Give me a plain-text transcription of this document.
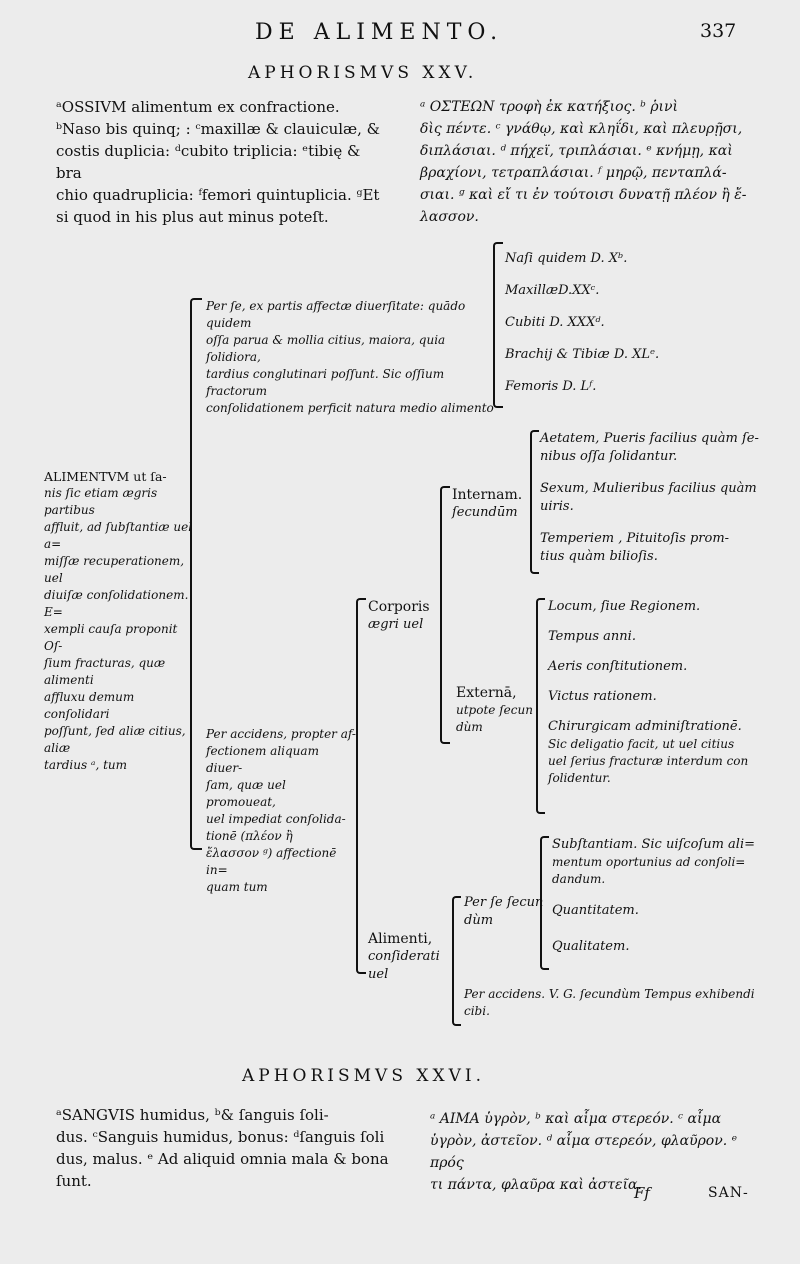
DE ALIMENTO.	337
APHORISMVS XXV.
ᵃOSSIVM alimentum ex confractione.
ᵇNaso bis quinq; : ᶜmaxillæ & clauiculæ, &
costis duplicia: ᵈcubito triplicia: ᵉtibię & bra
chio quadruplicia: ᶠfemori quintuplicia. ᵍEt
si quod in his plus aut minus poteſt.
ᵃ ΟΣΤΕΩΝ τροφὴ ἐκ κατήξιος. ᵇ ῥινὶ
δὶς πέντε. ᶜ γνάθῳ, καὶ κληΐδι, καὶ πλευρῇσι,
διπλάσιαι. ᵈ πήχεϊ, τριπλάσιαι. ᵉ κνήμῃ, καὶ
βραχίονι, τετραπλάσιαι. ᶠ μηρῷ, πενταπλά-
σιαι. ᵍ καὶ εἴ τι ἐν τούτοισι δυνατῇ πλέον ἢ ἔ-
λασσον.
ALIMENTVM ut ſa-
nis ſic etiam ægris partibus
affluit, ad ſubſtantiæ uel a=
miſſæ recuperationem, uel
diuiſæ conſolidationem. E=
xempli cauſa proponit Oſ-
ſium fracturas, quæ alimenti
affluxu demum conſolidari
poſſunt, ſed aliæ citius, aliæ
tardius ᵃ, tum
Per ſe, ex partis affectæ diuerſitate: quādo quidem
oſſa parua & mollia citius, maiora, quia ſolidiora,
tardius conglutinari poſſunt. Sic oſſium fractorum
conſolidationem perficit natura medio alimento
Naſi quidem D. Xᵇ.
MaxillæD.XXᶜ.
Cubiti D. XXXᵈ.
Brachij & Tibiæ D. XLᵉ.
Femoris D. Lᶠ.
Per accidens, propter af-
fectionem aliquam diuer-
ſam, quæ uel promoueat,
uel impediat conſolida-
tionē (πλέον ἢ
ἔλασσον ᵍ) affectionē in=
quam tum
Corporis
ægri uel
Internam.
ſecundūm
Aetatem, Pueris facilius quàm ſe-
nibus oſſa ſolidantur.
Sexum, Mulieribus facilius quàm
uiris.
Temperiem , Pituitoſis prom-
tius quàm bilioſis.
Externā,
utpote ſecun
dùm
Locum, ſiue Regionem.
Tempus anni.
Aeris conſtitutionem.
Victus rationem.
Chirurgicam adminiſtrationē.
Sic deligatio facit, ut uel citius
uel ſerius fracturæ interdum con
ſolidentur.
Alimenti,
conſiderati
uel
Per ſe ſecun
dùm
Subſtantiam. Sic uiſcoſum ali=
mentum oportunius ad conſoli=
dandum.
Quantitatem.
Qualitatem.
Per accidens. V. G. ſecundùm Tempus exhibendi
cibi.
APHORISMVS XXVI.
ᵃSANGVIS humidus, ᵇ& ſanguis ſoli-
dus. ᶜSanguis humidus, bonus: ᵈſanguis ſoli
dus, malus. ᵉ Ad aliquid omnia mala & bona
ſunt.
ᵃ ΑΙΜΑ ὑγρὸν, ᵇ καὶ αἷμα στερεόν. ᶜ αἷμα
ὑγρὸν, ἀστεῖον. ᵈ αἷμα στερεόν, φλαῦρον. ᵉ πρός
τι πάντα, φλαῦρα καὶ ἀστεῖα.
Ff	SAN-
